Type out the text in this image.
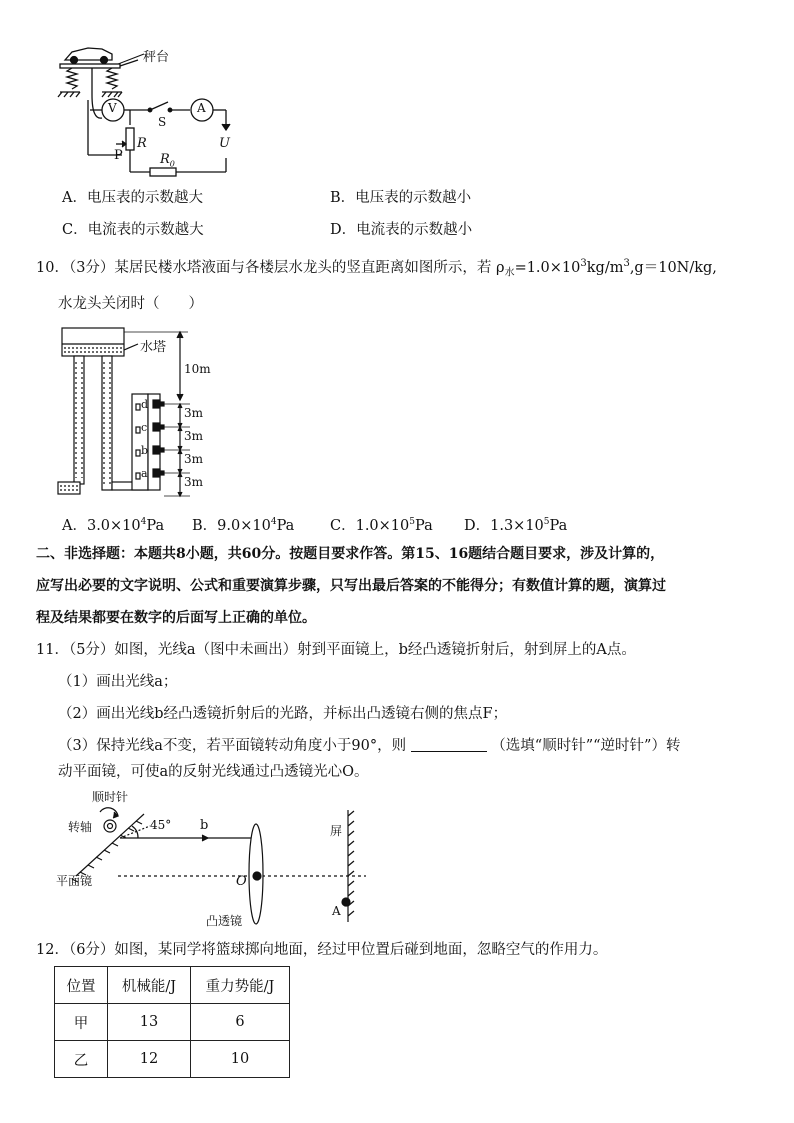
秤台
V	A
S
R
P	$R_0$
U
A．电压表的示数越大	B．电压表的示数越小
C．电流表的示数越大	D．电流表的示数越小
10．（3分）某居民楼水塔液面与各楼层水龙头的竖直距离如图所示，若 $\rho_水=1.0\times 10^3kg/m^3,g=10N/kg$,
水龙头关闭时（　　）
水塔
10m
3m
3m
3m
3m
d
c
b
a
A．$3.0\times 10^4Pa$ B．$9.0\times 10^4Pa$ C．$1.0\times 10^5Pa$ D．$1.3\times 10^5Pa$
二、非选择题：本题共8小题，共60分。按题目要求作答。第15、16题结合题目要求，涉及计算的，
应写出必要的文字说明、公式和重要演算步骤，只写出最后答案的不能得分；有数值计算的题，演算过
程及结果都要在数字的后面写上正确的单位。
11．（5分）如图，光线a（图中未画出）射到平面镜上，b经凸透镜折射后，射到屏上的A点。
（1）画出光线a；
（2）画出光线b经凸透镜折射后的光路，并标出凸透镜右侧的焦点F；
（3）保持光线a不变，若平面镜转动角度小于90°，则	（选填“顺时针”“逆时针”）转
动平面镜，可使a的反射光线通过凸透镜光心O。
顺时针
转轴	45° b
平面镜	O
凸透镜
屏
A
12．（6分）如图，某同学将篮球掷向地面，经过甲位置后碰到地面，忽略空气的作用力。
位置	机械能/J	重力势能/J
甲	13	6
乙	12	10
